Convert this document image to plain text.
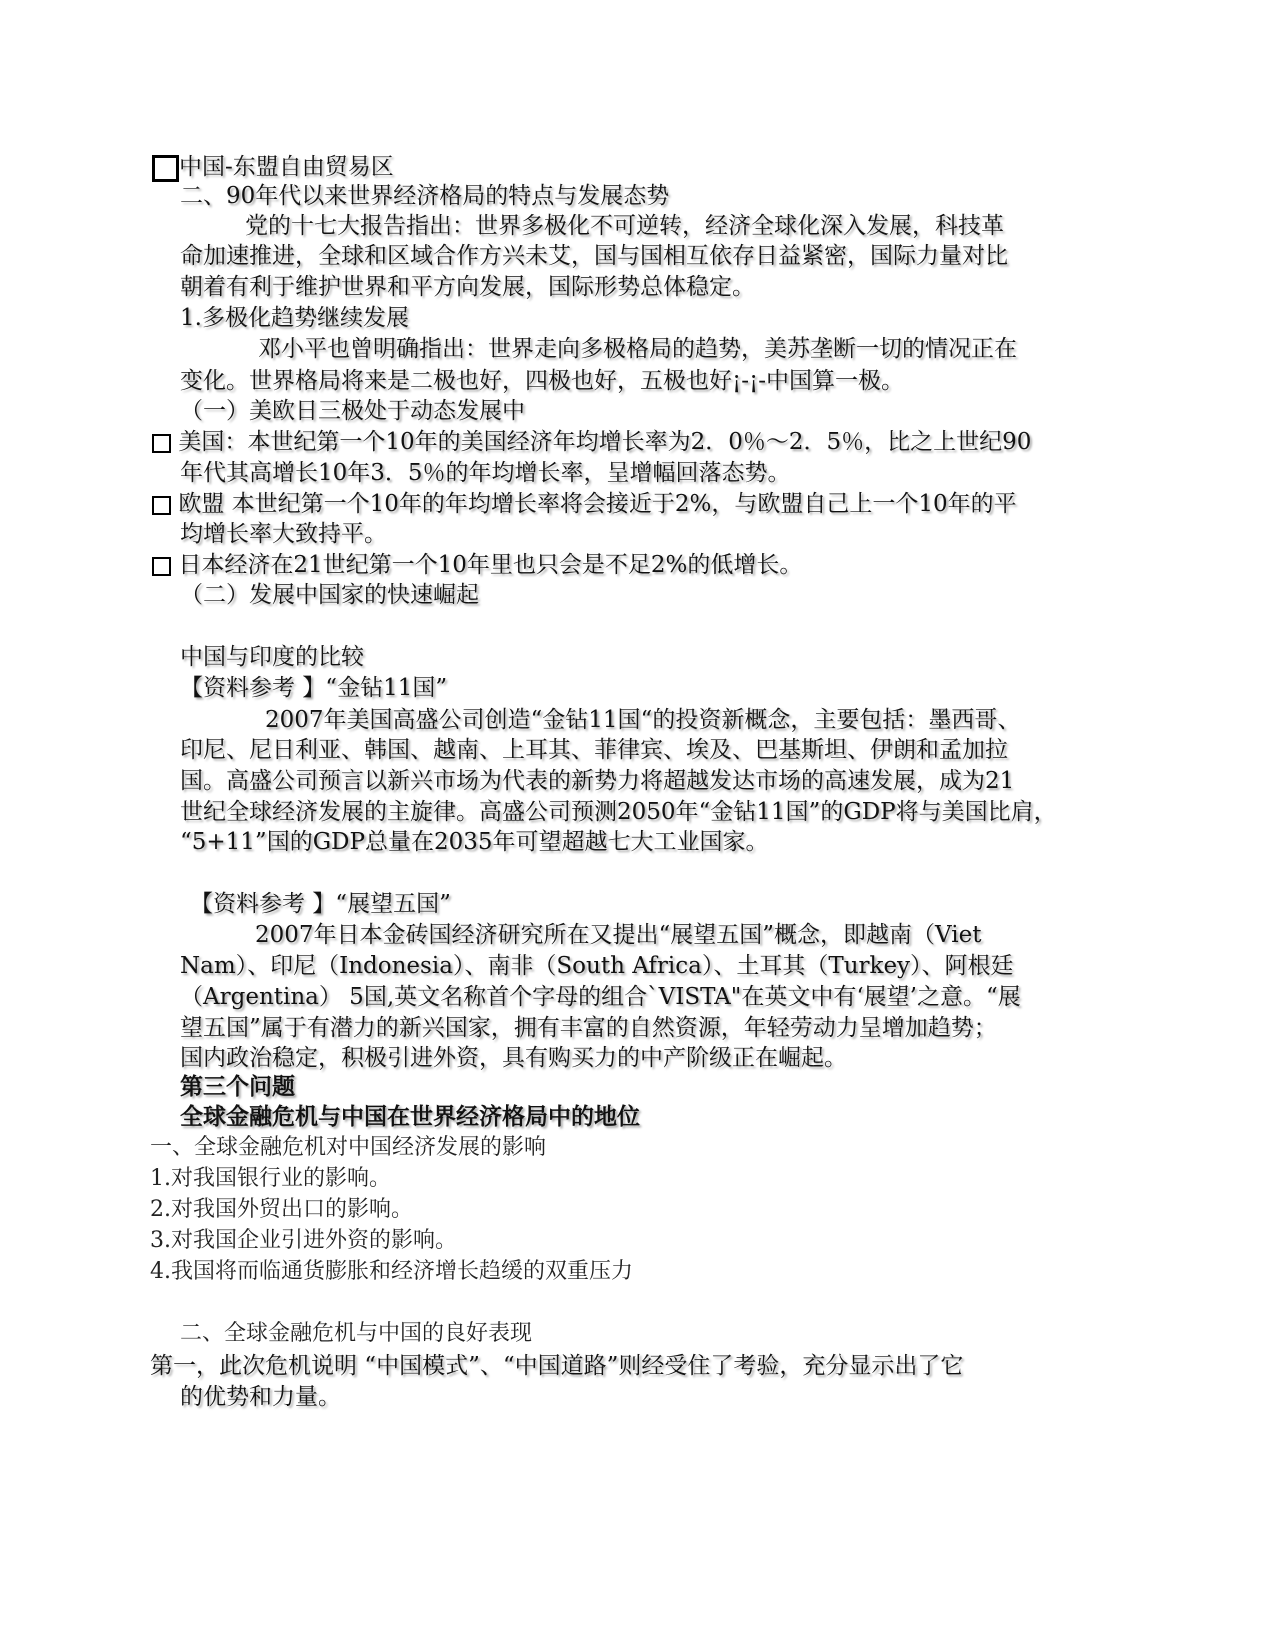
中国-东盟自由贸易区
二、90年代以来世界经济格局的特点与发展态势
党的十七大报告指出：世界多极化不可逆转，经济全球化深入发展，科技革
命加速推进，全球和区域合作方兴未艾，国与国相互依存日益紧密，国际力量对比
朝着有利于维护世界和平方向发展，国际形势总体稳定。
1.多极化趋势继续发展
邓小平也曾明确指出：世界走向多极格局的趋势，美苏垄断一切的情况正在
变化。世界格局将来是二极也好，四极也好，五极也好¡-¡-中国算一极。
（一）美欧日三极处于动态发展中
美国：本世纪第一个10年的美国经济年均增长率为2．0％～2．5％，比之上世纪90
年代其高增长10年3．5％的年均增长率，呈增幅回落态势。
欧盟 本世纪第一个10年的年均增长率将会接近于2%，与欧盟自己上一个10年的平
均增长率大致持平。
日本经济在21世纪第一个10年里也只会是不足2%的低增长。
（二）发展中国家的快速崛起
中国与印度的比较
【资料参考 】“金钻11国”
2007年美国高盛公司创造“金钻11国“的投资新概念，主要包括：墨西哥、
印尼、尼日利亚、韩国、越南、上耳其、菲律宾、埃及、巴基斯坦、伊朗和孟加拉
国。高盛公司预言以新兴市场为代表的新势力将超越发达市场的高速发展，成为21
世纪全球经济发展的主旋律。高盛公司预测2050年“金钻11国”的GDP将与美国比肩，
“5+11”国的GDP总量在2035年可望超越七大工业国家。
【资料参考 】“展望五国”
2007年日本金砖国经济研究所在又提出“展望五国”概念，即越南（Viet
Nam）、印尼（Indonesia）、南非（South Africa）、土耳其（Turkey）、阿根廷
（Argentina） 5国,英文名称首个字母的组合`VISTA"在英文中有‘展望’之意。“展
望五国”属于有潜力的新兴国家，拥有丰富的自然资源，年轻劳动力呈增加趋势；
国内政治稳定，积极引进外资，具有购买力的中产阶级正在崛起。
第三个问题
全球金融危机与中国在世界经济格局中的地位
一、全球金融危机对中国经济发展的影响
1.对我国银行业的影响。
2.对我国外贸出口的影响。
3.对我国企业引进外资的影响。
4.我国将而临通货膨胀和经济增长趋缓的双重压力
二、全球金融危机与中国的良好表现
第一，此次危机说明 “中国模式”、“中国道路”则经受住了考验，充分显示出了它
的优势和力量。
